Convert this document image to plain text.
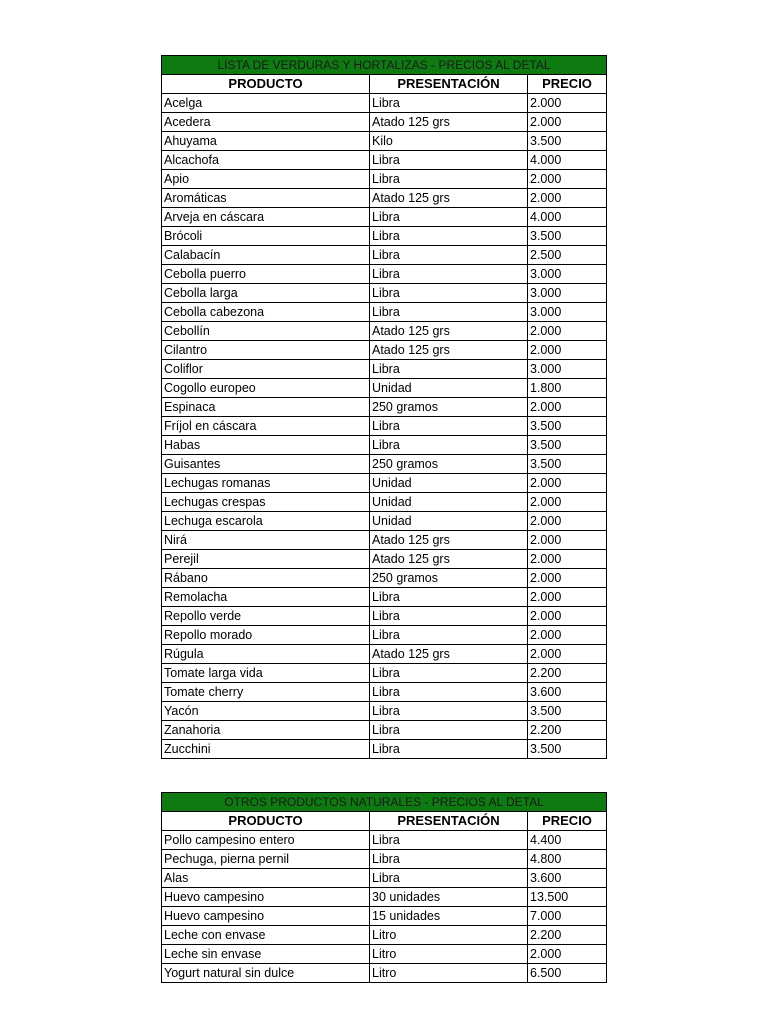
LISTA DE VERDURAS Y HORTALIZAS - PRECIOS AL DETAL		
PRODUCTO	PRESENTACIÓN	PRECIO
Acelga	Libra	2.000
Acedera	Atado 125 grs	2.000
Ahuyama	Kilo	3.500
Alcachofa	Libra	4.000
Apio	Libra	2.000
Aromáticas	Atado 125 grs	2.000
Arveja en cáscara	Libra	4.000
Brócoli	Libra	3.500
Calabacín	Libra	2.500
Cebolla puerro	Libra	3.000
Cebolla larga	Libra	3.000
Cebolla cabezona	Libra	3.000
Cebollín	Atado 125 grs	2.000
Cilantro	Atado 125 grs	2.000
Coliflor	Libra	3.000
Cogollo europeo	Unidad	1.800
Espinaca	250 gramos	2.000
Fríjol en cáscara	Libra	3.500
Habas	Libra	3.500
Guisantes	250 gramos	3.500
Lechugas romanas	Unidad	2.000
Lechugas crespas	Unidad	2.000
Lechuga escarola	Unidad	2.000
Nirá	Atado 125 grs	2.000
Perejil	Atado 125 grs	2.000
Rábano	250 gramos	2.000
Remolacha	Libra	2.000
Repollo verde	Libra	2.000
Repollo morado	Libra	2.000
Rúgula	Atado 125 grs	2.000
Tomate larga vida	Libra	2.200
Tomate cherry	Libra	3.600
Yacón	Libra	3.500
Zanahoria	Libra	2.200
Zucchini	Libra	3.500
OTROS PRODUCTOS NATURALES - PRECIOS AL DETAL		
PRODUCTO	PRESENTACIÓN	PRECIO
Pollo campesino entero	Libra	4.400
Pechuga, pierna pernil	Libra	4.800
Alas	Libra	3.600
Huevo campesino	30 unidades	13.500
Huevo campesino	15 unidades	7.000
Leche con envase	Litro	2.200
Leche sin envase	Litro	2.000
Yogurt natural sin dulce	Litro	6.500
